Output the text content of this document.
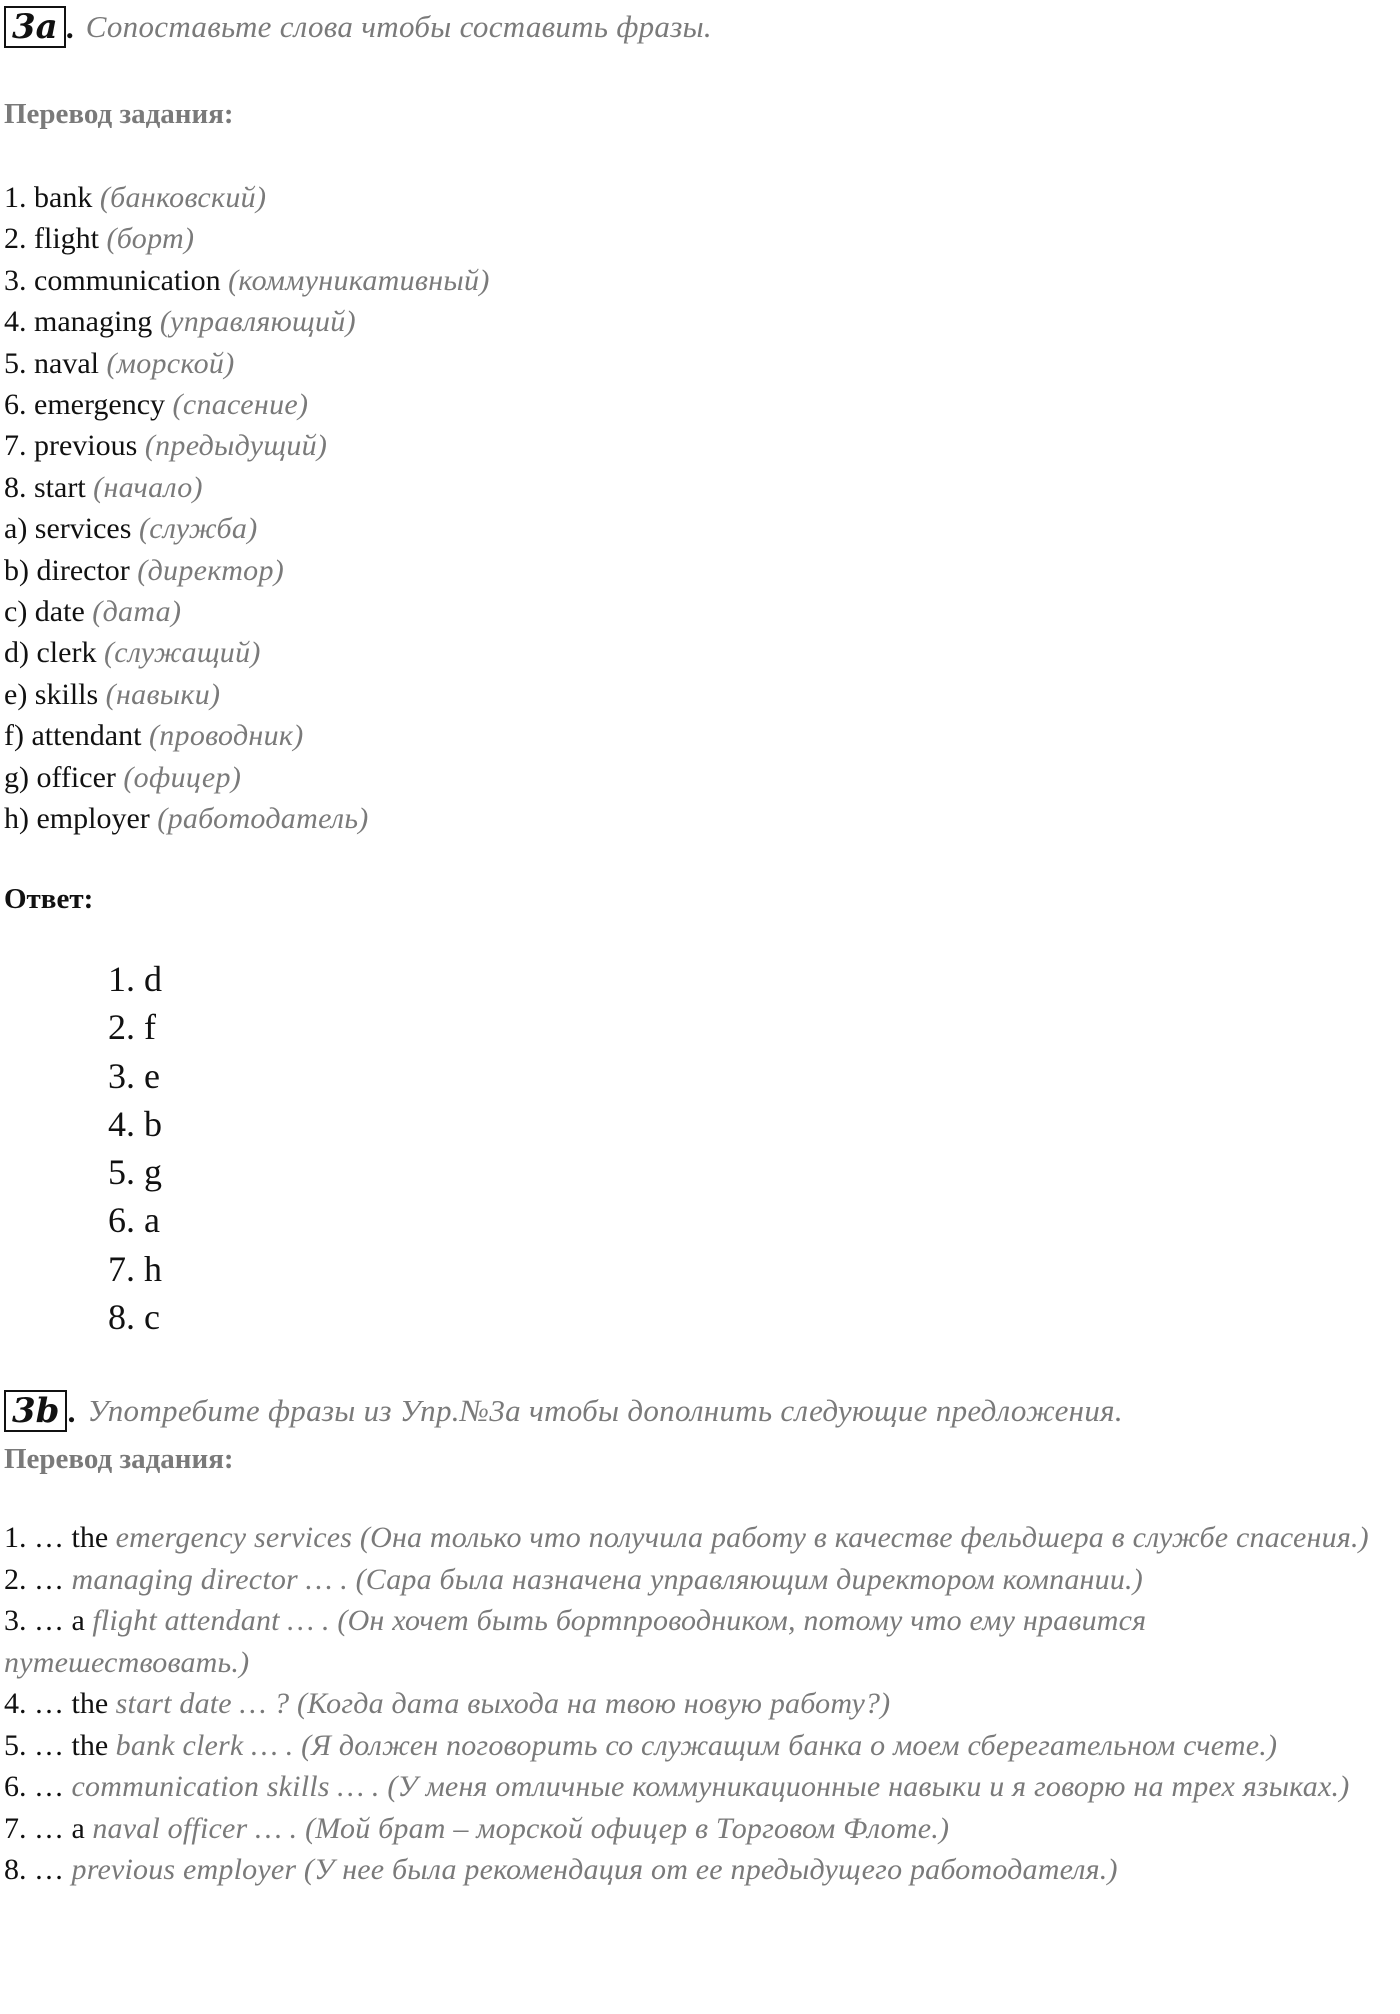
3a . Сопоставьте слова чтобы составить фразы.
Перевод задания:
1. bank (банковский)
2. flight (борт)
3. communication (коммуникативный)
4. managing (управляющий)
5. naval (морской)
6. emergency (спасение)
7. previous (предыдущий)
8. start (начало)
a) services (служба)
b) director (директор)
c) date (дата)
d) clerk (служащий)
e) skills (навыки)
f) attendant (проводник)
g) officer (офицер)
h) employer (работодатель)
Ответ:
1. d
2. f
3. e
4. b
5. g
6. a
7. h
8. c
3b . Употребите фразы из Упр.№3a чтобы дополнить следующие предложения.
Перевод задания:
1. … the emergency services (Она только что получила работу в качестве фельдшера в службе спасения.)
2. … managing director … . (Сара была назначена управляющим директором компании.)
3. … a flight attendant … . (Он хочет быть бортпроводником, потому что ему нравится путешествовать.)
4. … the start date … ? (Когда дата выхода на твою новую работу?)
5. … the bank clerk … . (Я должен поговорить со служащим банка о моем сберегательном счете.)
6. … communication skills … . (У меня отличные коммуникационные навыки и я говорю на трех языках.)
7. … a naval officer … . (Мой брат – морской офицер в Торговом Флоте.)
8. … previous employer (У нее была рекомендация от ее предыдущего работодателя.)
